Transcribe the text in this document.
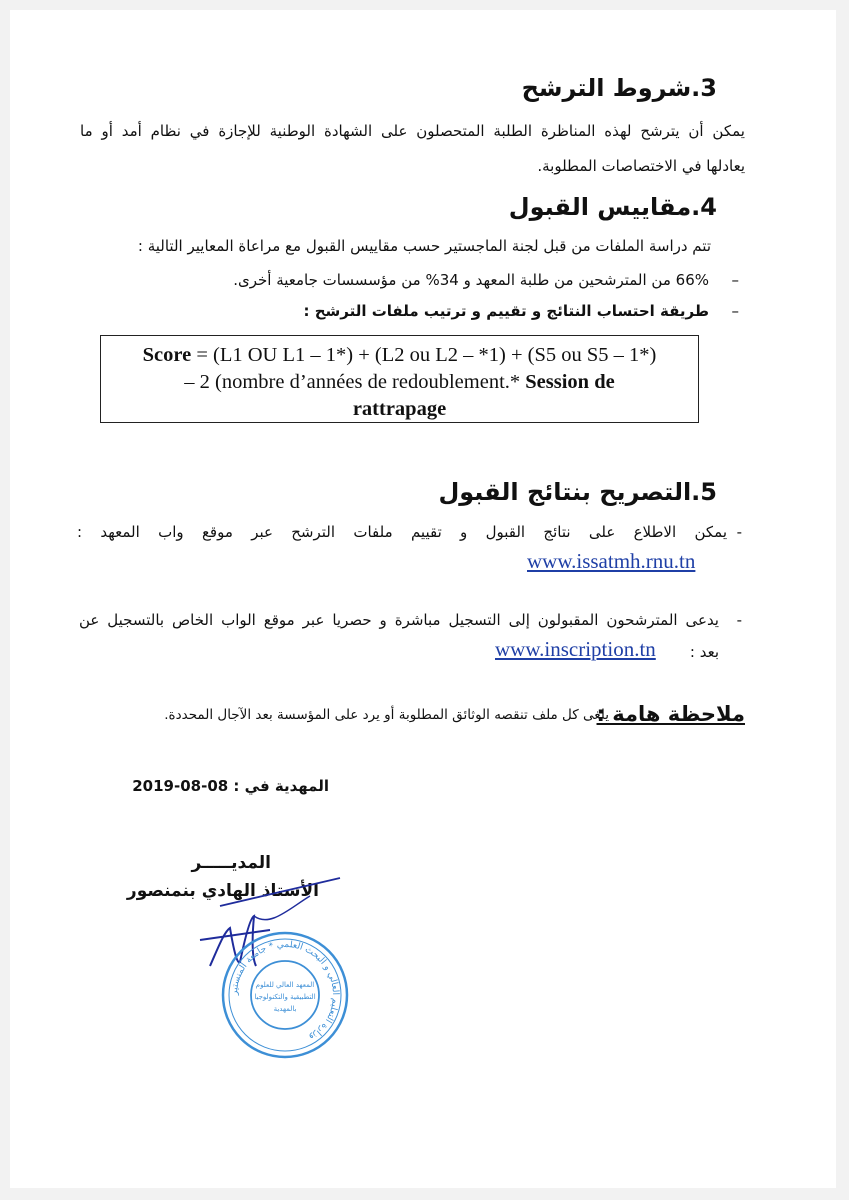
3.شروط الترشح
يمكن أن يترشح لهذه المناظرة الطلبة المتحصلون على الشهادة الوطنية للإجازة في نظام أمد أو ما
يعادلها في الاختصاصات المطلوبة.
4.مقاييس القبول
تتم دراسة الملفات من قبل لجنة الماجستير حسب مقاييس القبول مع مراعاة المعايير التالية :
–
66% من المترشحين من طلبة المعهد و 34% من مؤسسسات جامعية أخرى.
–
طريقة احتساب النتائج و تقييم و ترتيب ملفات الترشح :
Score = (L1 OU L1 – 1*) + (L2 ou L2 – *1) + (S5 ou S5 – 1*)
– 2 (nombre d’années de redoublement.* Session de
rattrapage
5.التصريح بنتائج القبول
-
يمكن الاطلاع على نتائج القبول و تقييم ملفات الترشح عبر موقع واب المعهد :
www.issatmh.rnu.tn
-
يدعى المترشحون المقبولون إلى التسجيل مباشرة و حصريا عبر موقع الواب الخاص بالتسجيل عن
بعد :
www.inscription.tn
ملاحظة هامة :
يلغى كل ملف تنقصه الوثائق المطلوبة أو يرد على المؤسسة بعد الآجال المحددة.
المهدية في : 08-08-2019
المديـــــر
الأستاذ الهادي بنمنصور
وزارة التعليم العالي و البحث العلمي * جامعة المنستير
المعهد العالي للعلوم
التطبيقية والتكنولوجيا
بالمهدية
